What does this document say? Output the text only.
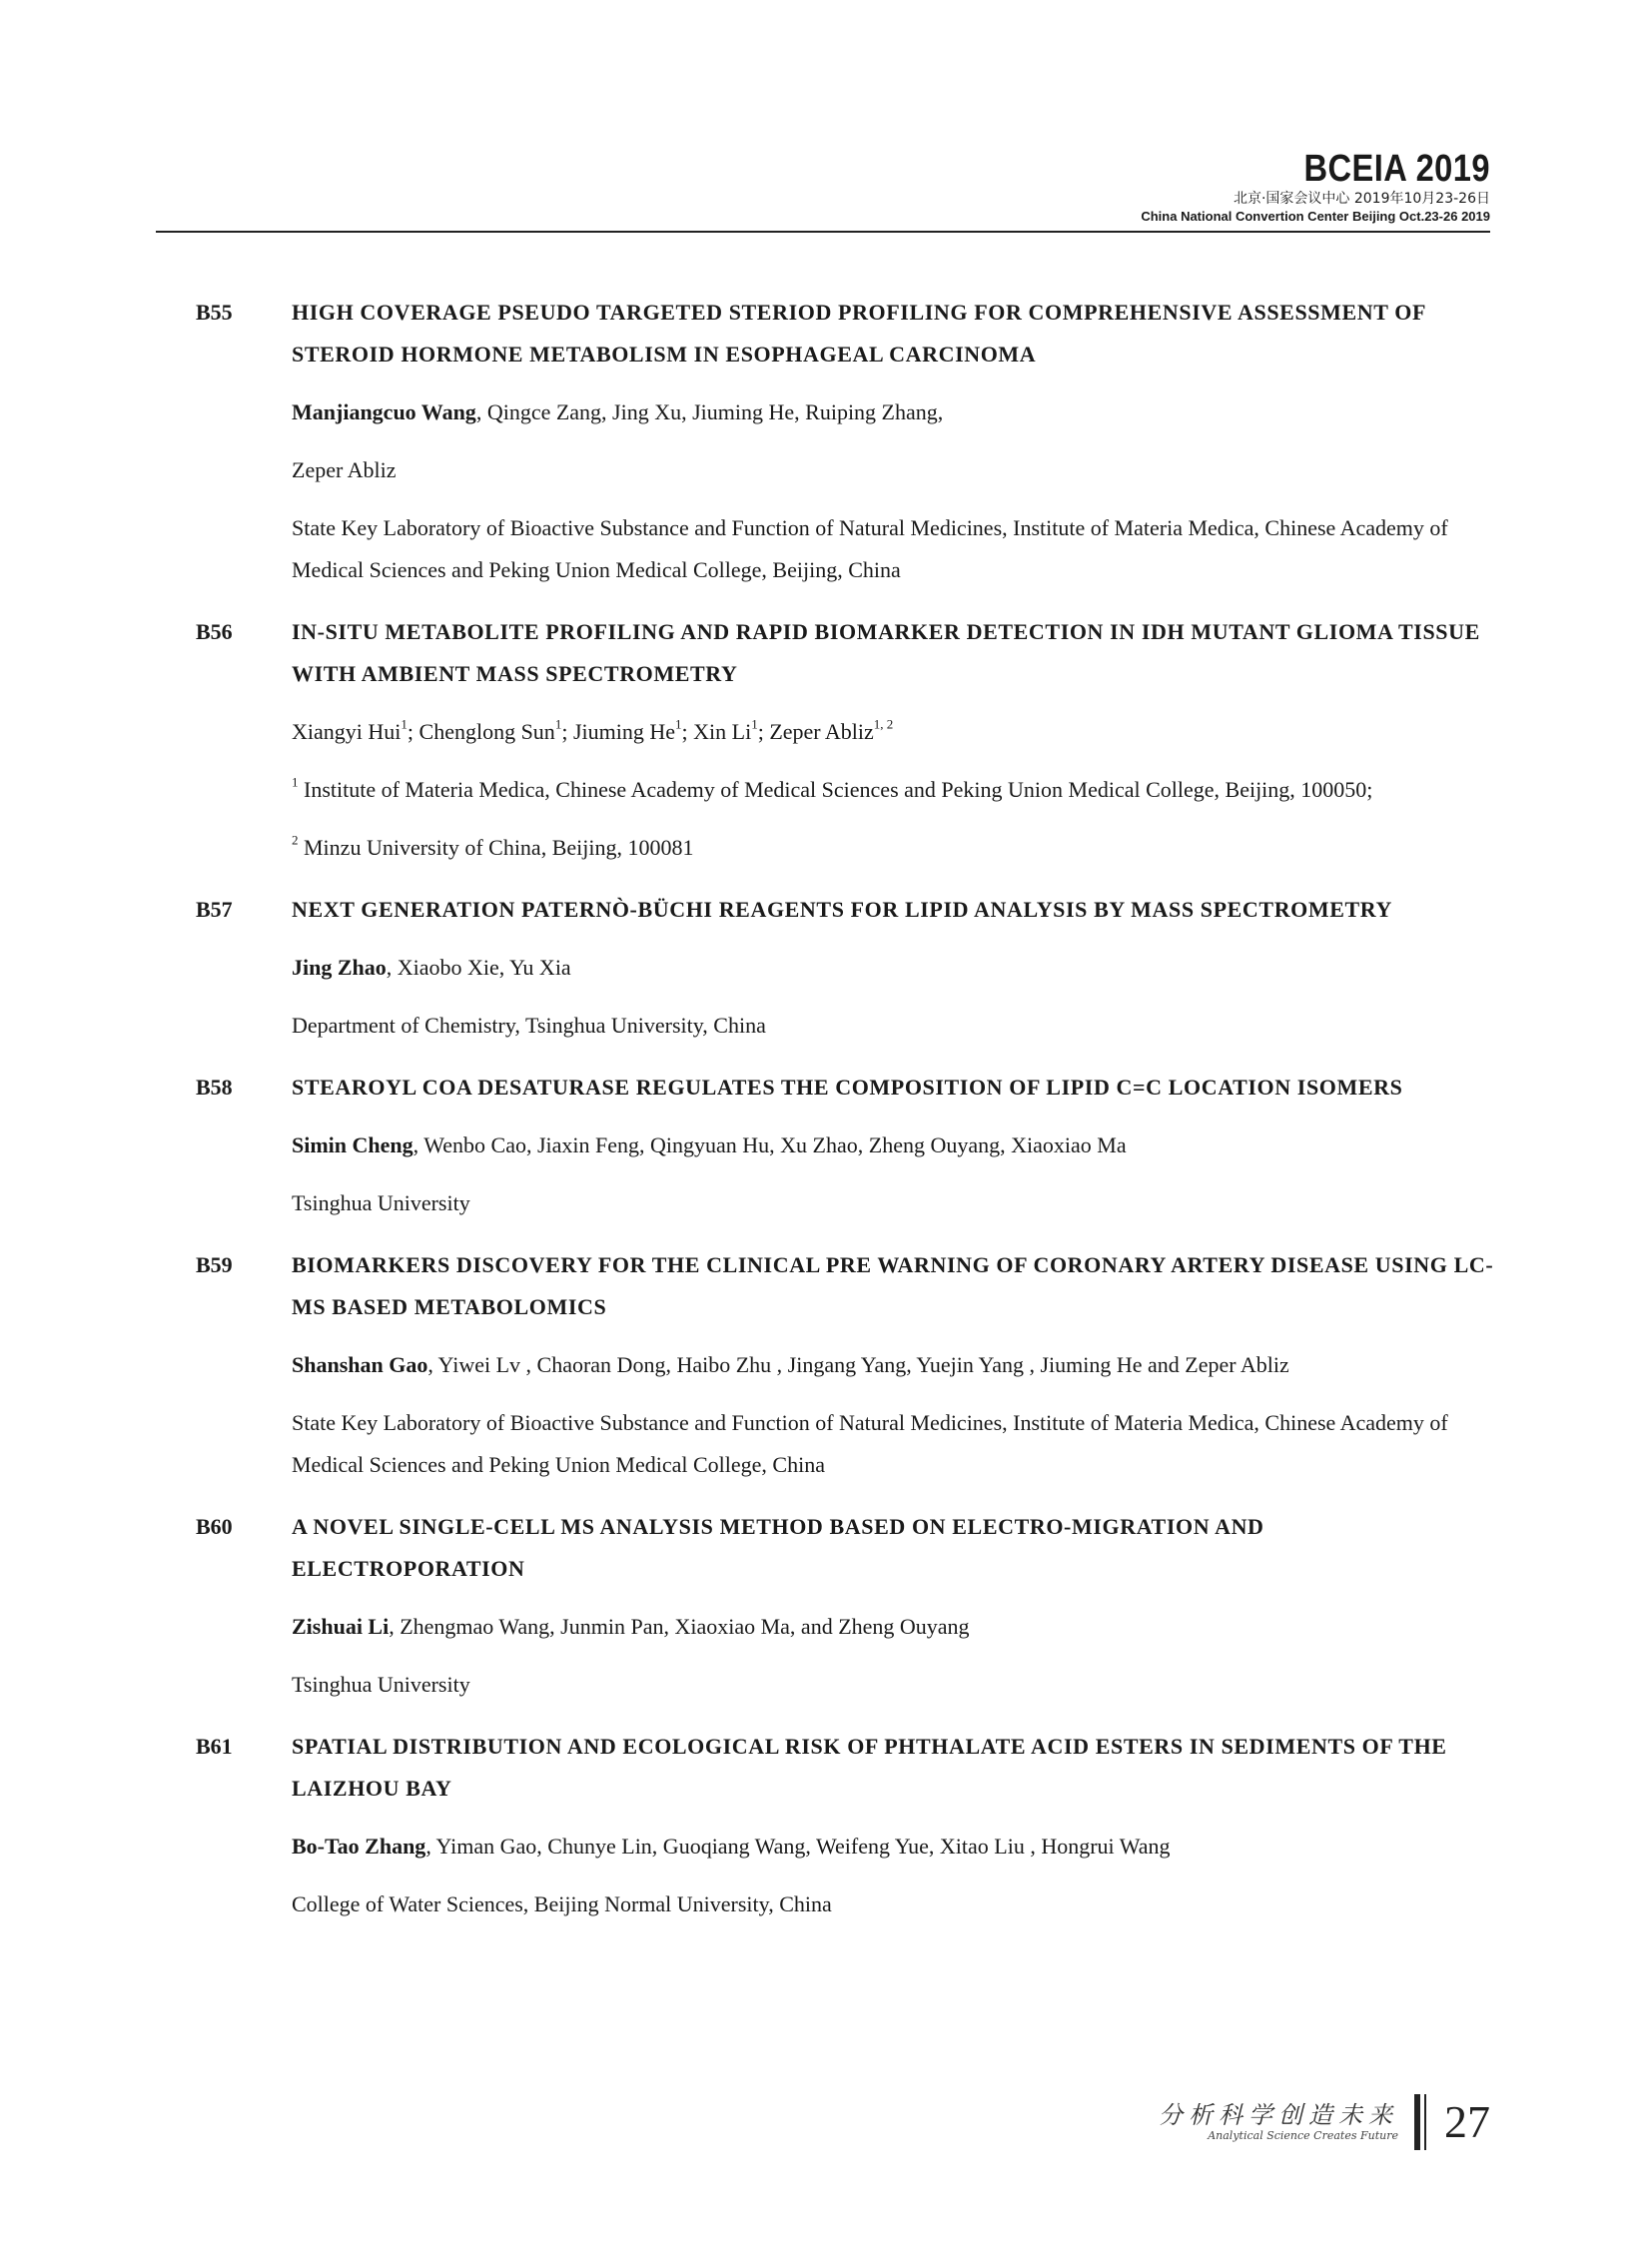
BCEIA 2019
北京·国家会议中心 2019年10月23-26日
China National Convertion Center Beijing Oct.23-26 2019
B55	HIGH COVERAGE PSEUDO TARGETED STERIOD PROFILING FOR COMPREHENSIVE ASSESSMENT OF STEROID HORMONE METABOLISM IN ESOPHAGEAL CARCINOMA

Manjiangcuo Wang, Qingce Zang, Jing Xu, Jiuming He, Ruiping Zhang,

Zeper Abliz

State Key Laboratory of Bioactive Substance and Function of Natural Medicines, Institute of Materia Medica, Chinese Academy of Medical Sciences and Peking Union Medical College, Beijing, China

B56	IN-SITU METABOLITE PROFILING AND RAPID BIOMARKER DETECTION IN IDH MUTANT GLIOMA TISSUE WITH AMBIENT MASS SPECTROMETRY

Xiangyi Hui$^1$; Chenglong Sun$^1$; Jiuming He$^1$; Xin Li$^1$; Zeper Abliz$^{1, 2}$

$^1$ Institute of Materia Medica, Chinese Academy of Medical Sciences and Peking Union Medical College, Beijing, 100050;

$^2$ Minzu University of China, Beijing, 100081

B57	NEXT GENERATION PATERNÒ-BÜCHI REAGENTS FOR LIPID ANALYSIS BY MASS SPECTROMETRY

Jing Zhao, Xiaobo Xie, Yu Xia

Department of Chemistry, Tsinghua University, China

B58	STEAROYL COA DESATURASE REGULATES THE COMPOSITION OF LIPID C=C LOCATION ISOMERS

Simin Cheng, Wenbo Cao, Jiaxin Feng, Qingyuan Hu, Xu Zhao, Zheng Ouyang, Xiaoxiao Ma

Tsinghua University

B59	BIOMARKERS DISCOVERY FOR THE CLINICAL PRE WARNING OF CORONARY ARTERY DISEASE USING LC-MS BASED METABOLOMICS

Shanshan Gao, Yiwei Lv , Chaoran Dong, Haibo Zhu , Jingang Yang, Yuejin Yang , Jiuming He and Zeper Abliz

State Key Laboratory of Bioactive Substance and Function of Natural Medicines, Institute of Materia Medica, Chinese Academy of Medical Sciences and Peking Union Medical College, China

B60	A NOVEL SINGLE-CELL MS ANALYSIS METHOD BASED ON ELECTRO-MIGRATION AND ELECTROPORATION

Zishuai Li, Zhengmao Wang, Junmin Pan, Xiaoxiao Ma, and Zheng Ouyang

Tsinghua University

B61	SPATIAL DISTRIBUTION AND ECOLOGICAL RISK OF PHTHALATE ACID ESTERS IN SEDIMENTS OF THE LAIZHOU BAY

Bo-Tao Zhang, Yiman Gao, Chunye Lin, Guoqiang Wang, Weifeng Yue, Xitao Liu , Hongrui Wang

College of Water Sciences, Beijing Normal University, China

分析科学创造未来
Analytical Science Creates Future 27
